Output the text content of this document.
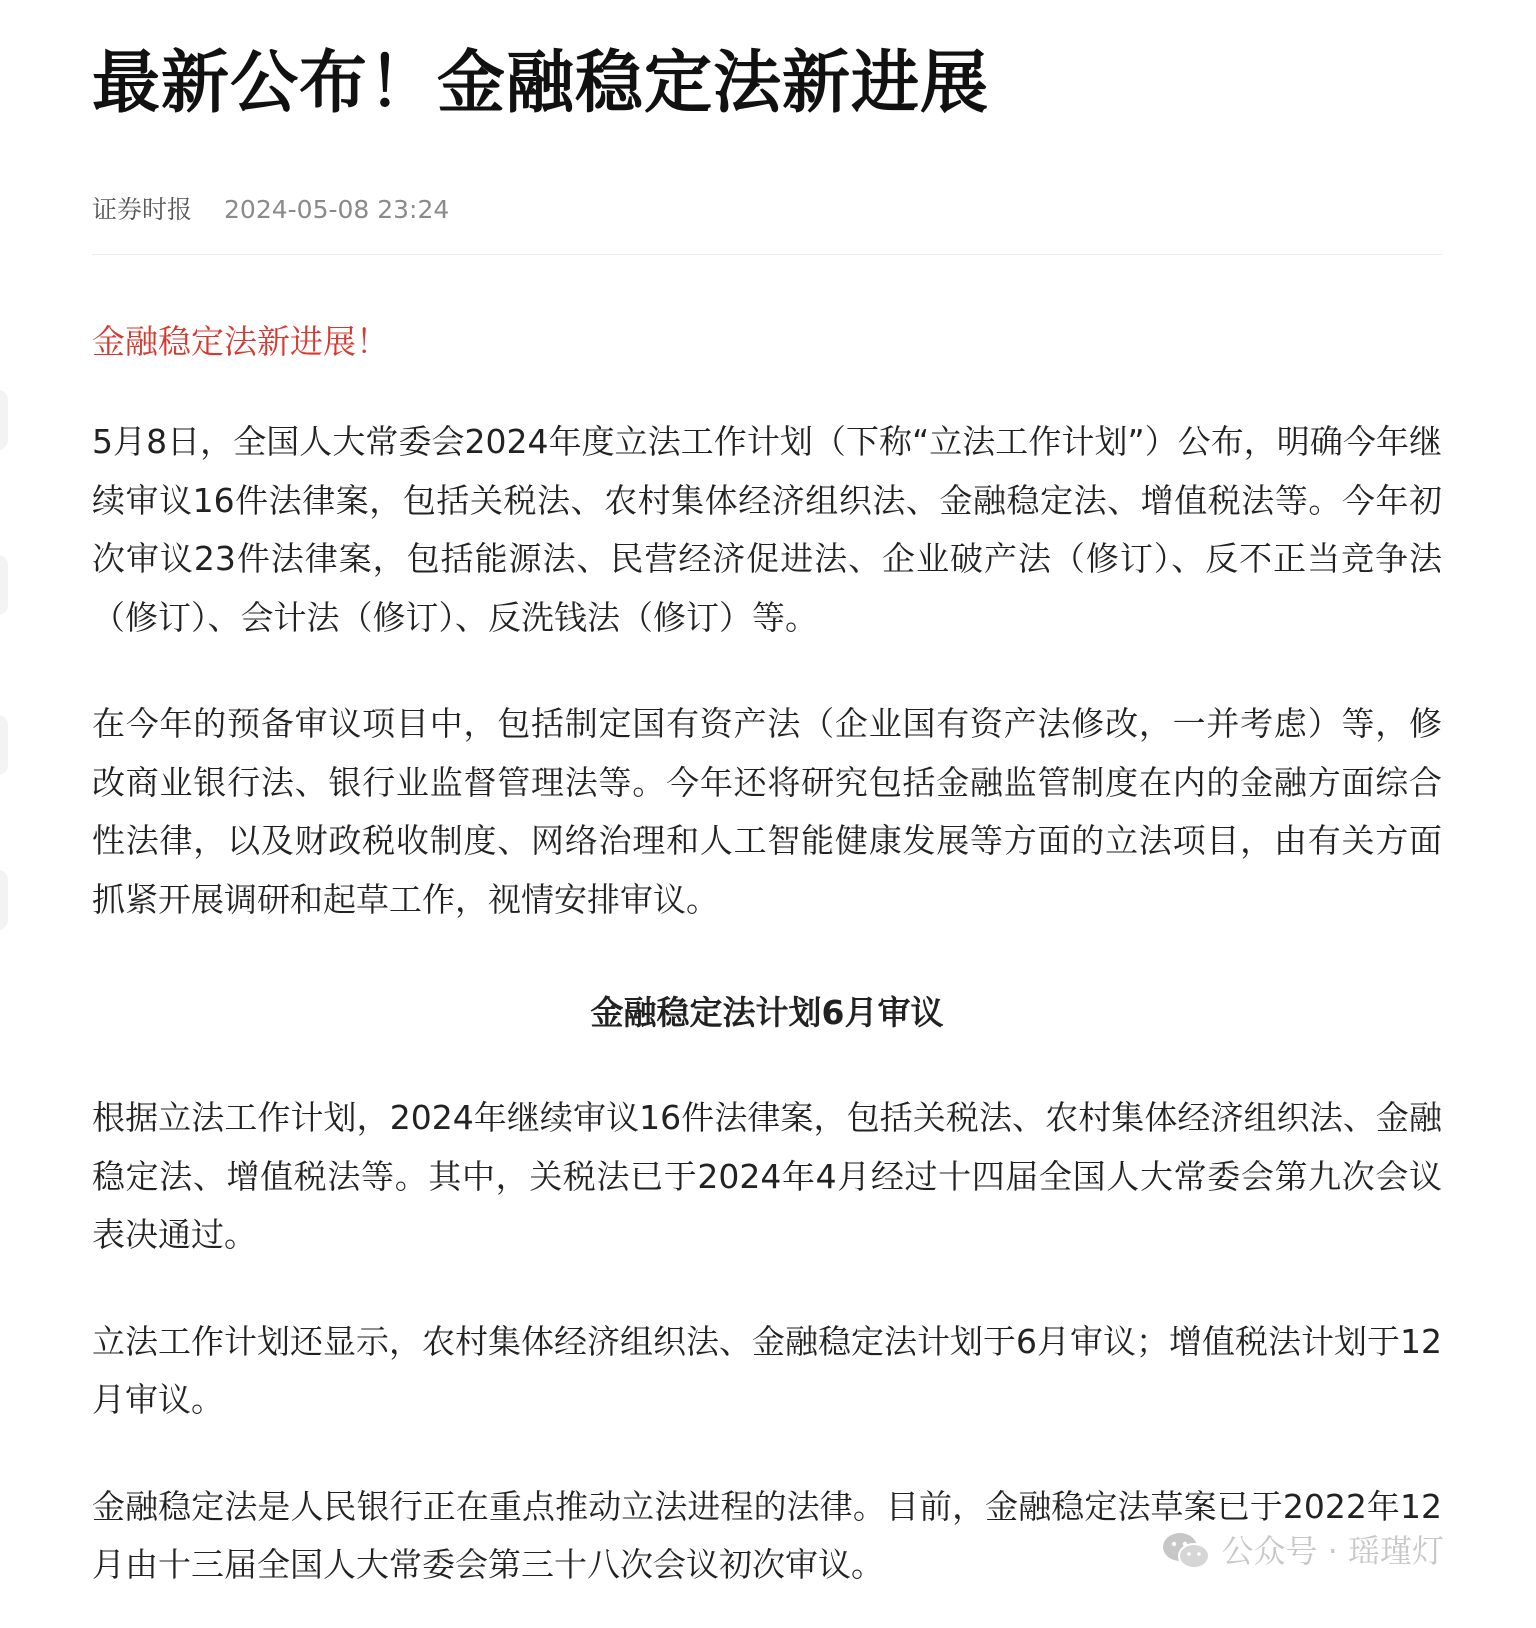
最新公布！金融稳定法新进展
证券时报 2024-05-08 23:24
金融稳定法新进展！

5月8日，全国人大常委会2024年度立法工作计划（下称“立法工作计划”）公布，明确今年继续审议16件法律案，包括关税法、农村集体经济组织法、金融稳定法、增值税法等。今年初次审议23件法律案，包括能源法、民营经济促进法、企业破产法（修订）、反不正当竞争法（修订）、会计法（修订）、反洗钱法（修订）等。

在今年的预备审议项目中，包括制定国有资产法（企业国有资产法修改，一并考虑）等，修改商业银行法、银行业监督管理法等。今年还将研究包括金融监管制度在内的金融方面综合性法律，以及财政税收制度、网络治理和人工智能健康发展等方面的立法项目，由有关方面抓紧开展调研和起草工作，视情安排审议。

金融稳定法计划6月审议

根据立法工作计划，2024年继续审议16件法律案，包括关税法、农村集体经济组织法、金融稳定法、增值税法等。其中，关税法已于2024年4月经过十四届全国人大常委会第九次会议表决通过。

立法工作计划还显示，农村集体经济组织法、金融稳定法计划于6月审议；增值税法计划于12月审议。

金融稳定法是人民银行正在重点推动立法进程的法律。目前，金融稳定法草案已于2022年12月由十三届全国人大常委会第三十八次会议初次审议。	公众号 · 瑶瑾灯
